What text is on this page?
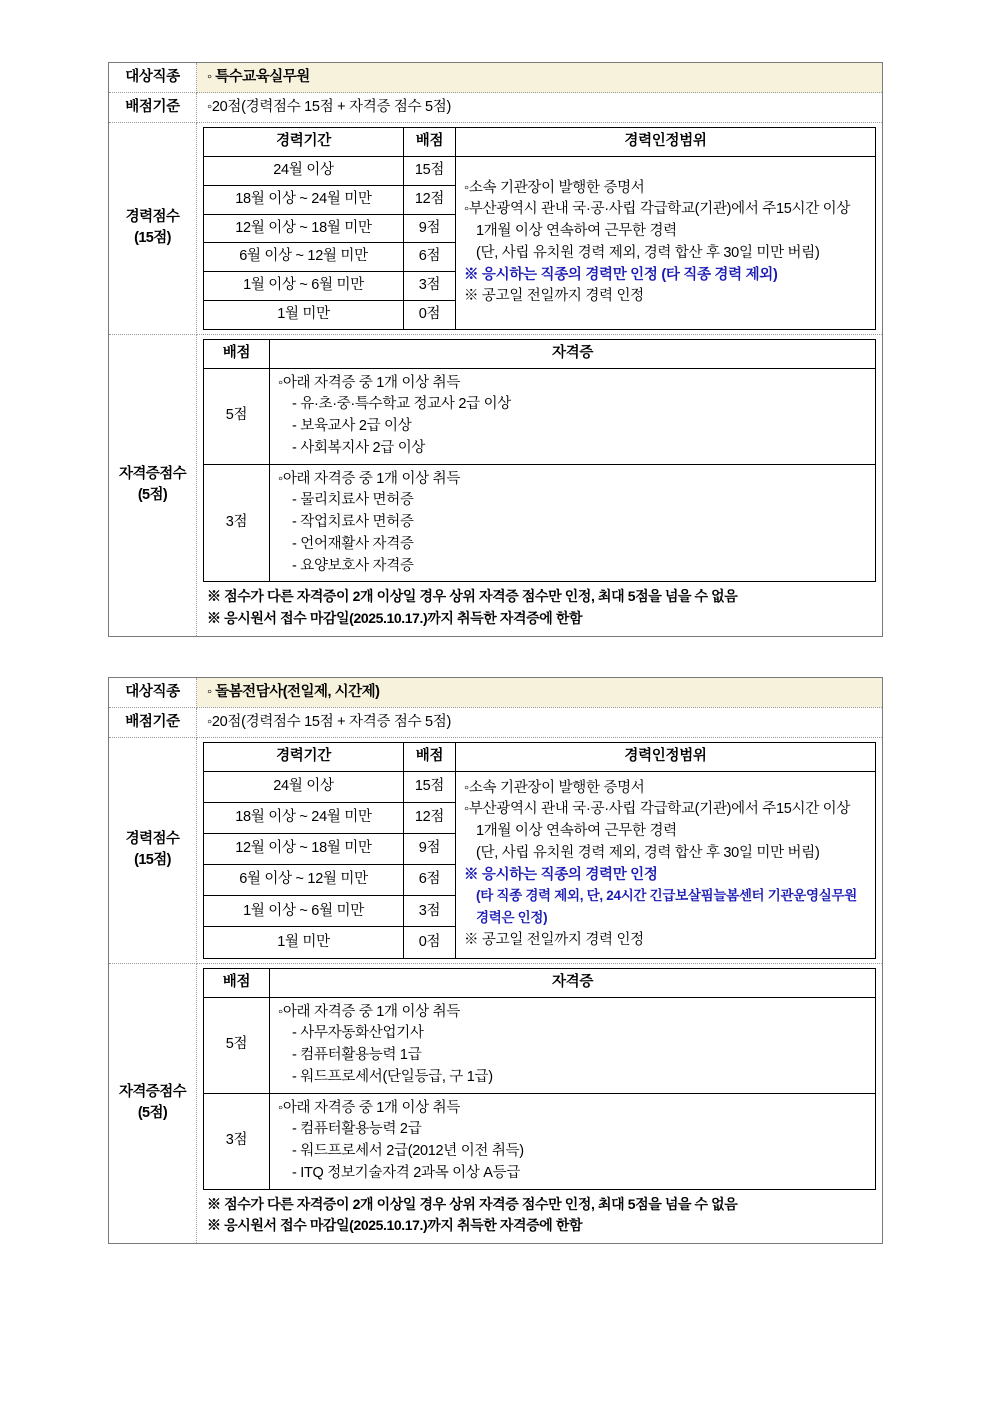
대상직종	◦ 특수교육실무원
배점기준	◦20점(경력점수 15점 + 자격증 점수 5점)

경력점수
(15점)

경력기간	배점	경력인정범위
24월 이상	15점	
◦소속 기관장이 발행한 증명서
◦부산광역시 관내 국·공·사립 각급학교(기관)에서 주15시간 이상
1개월 이상 연속하여 근무한 경력 (단, 사립 유치원 경력 제외, 경력 합산 후 30일 미만 버림)
※ 응시하는 직종의 경력만 인정 (타 직종 경력 제외)
※ 공고일 전일까지 경력 인정

18월 이상 ~ 24월 미만	12점
12월 이상 ~ 18월 미만	9점
6월 이상 ~ 12월 미만	6점
1월 이상 ~ 6월 미만	3점
1월 미만	0점

자격증점수
(5점)

배점	자격증
5점	
◦아래 자격증 중 1개 이상 취득
- 유·초·중·특수학교 정교사 2급 이상
- 보육교사 2급 이상
- 사회복지사 2급 이상

3점	
◦아래 자격증 중 1개 이상 취득
- 물리치료사 면허증
- 작업치료사 면허증
- 언어재활사 자격증
- 요양보호사 자격증
※ 점수가 다른 자격증이 2개 이상일 경우 상위 자격증 점수만 인정, 최대 5점을 넘을 수 없음
※ 응시원서 접수 마감일(2025.10.17.)까지 취득한 자격증에 한함
대상직종	◦ 돌봄전담사(전일제, 시간제)
배점기준	◦20점(경력점수 15점 + 자격증 점수 5점)

경력점수
(15점)

경력기간	배점	경력인정범위
24월 이상	15점	◦소속 기관장이 발행한 증명서
◦부산광역시 관내 국·공·사립 각급학교(기관)에서 주15시간 이상
1개월 이상 연속하여 근무한 경력 (단, 사립 유치원 경력 제외, 경력 합산 후 30일 미만 버림)
※ 응시하는 직종의 경력만 인정
(타 직종 경력 제외, 단, 24시간 긴급보살핌늘봄센터 기관운영실무원 경력은 인정)
※ 공고일 전일까지 경력 인정

18월 이상 ~ 24월 미만	12점
12월 이상 ~ 18월 미만	9점
6월 이상 ~ 12월 미만	6점
1월 이상 ~ 6월 미만	3점
1월 미만	0점

자격증점수
(5점)

배점	자격증
5점	
◦아래 자격증 중 1개 이상 취득
- 사무자동화산업기사
- 컴퓨터활용능력 1급
- 워드프로세서(단일등급, 구 1급)

3점	
◦아래 자격증 중 1개 이상 취득
- 컴퓨터활용능력 2급
- 워드프로세서 2급(2012년 이전 취득)
- ITQ 정보기술자격 2과목 이상 A등급
※ 점수가 다른 자격증이 2개 이상일 경우 상위 자격증 점수만 인정, 최대 5점을 넘을 수 없음
※ 응시원서 접수 마감일(2025.10.17.)까지 취득한 자격증에 한함
